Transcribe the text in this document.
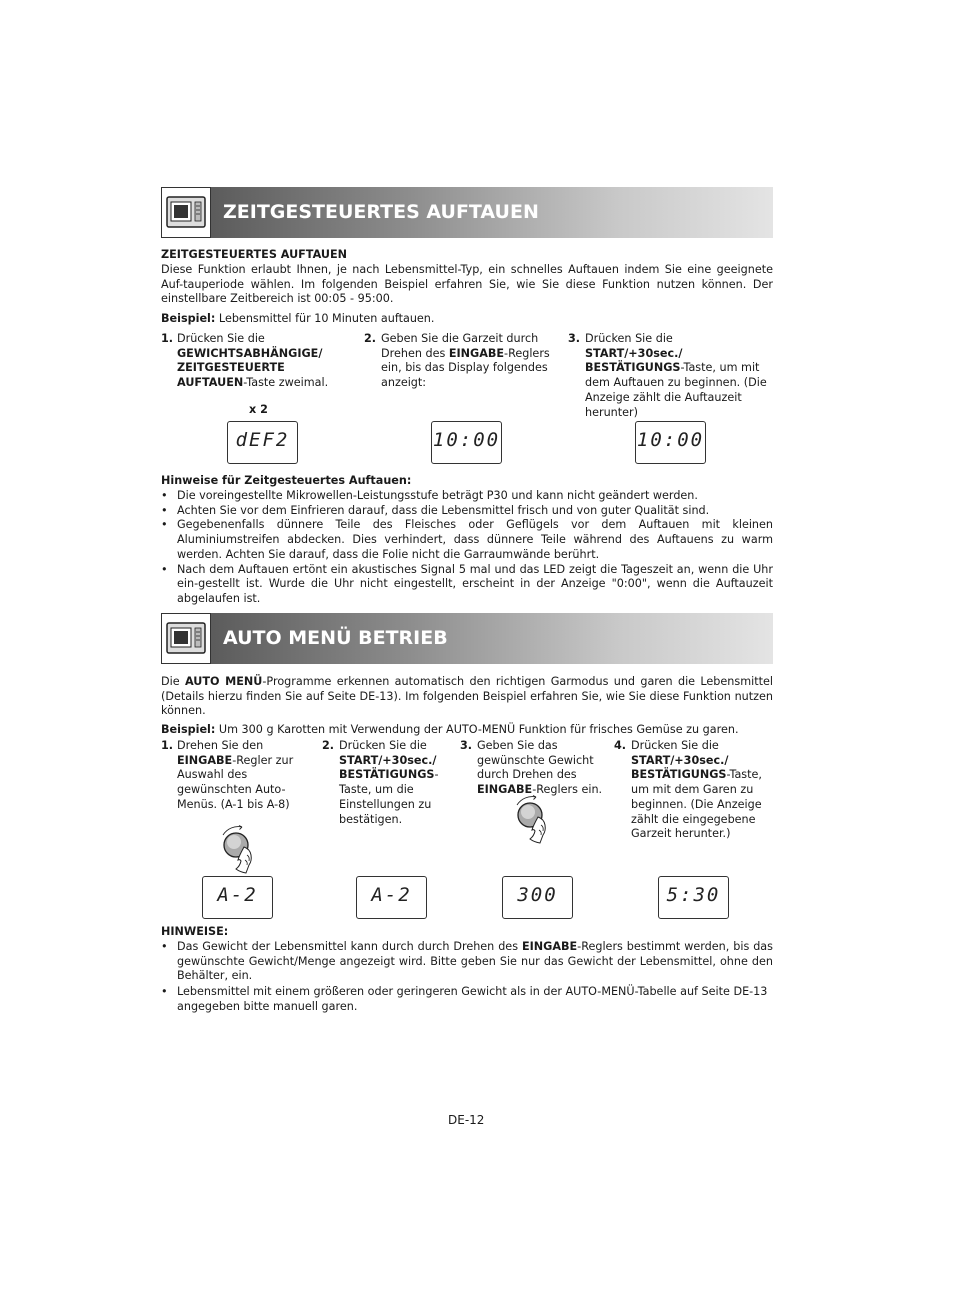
ZEITGESTEUERTES AUFTAUEN
ZEITGESTEUERTES AUFTAUEN

Diese Funktion erlaubt Ihnen, je nach Lebensmittel-Typ, ein schnelles Auftauen indem Sie eine geeignete Auf-tauperiode wählen. Im folgenden Beispiel erfahren Sie, wie Sie diese Funktion nutzen können. Der einstellbare Zeitbereich ist 00:05 - 95:00.

Beispiel: Lebensmittel für 10 Minuten auftauen.

1. Drücken Sie die GEWICHTSABHÄNGIGE/ ZEITGESTEUERTE AUFTAUEN-Taste zweimal.

2. Geben Sie die Garzeit durch Drehen des EINGABE-Reglers ein, bis das Display folgendes anzeigt:

3. Drücken Sie die START/+30sec./ BESTÄTIGUNGS-Taste, um mit dem Auftauen zu beginnen. (Die Anzeige zählt die Auftauzeit herunter)

x 2
dEF2	10:00	10:00
Hinweise für Zeitgesteuertes Auftauen:
• Die voreingestellte Mikrowellen-Leistungsstufe beträgt P30 und kann nicht geändert werden.
• Achten Sie vor dem Einfrieren darauf, dass die Lebensmittel frisch und von guter Qualität sind.
• Gegebenenfalls dünnere Teile des Fleisches oder Geflügels vor dem Auftauen mit kleinen Aluminiumstreifen abdecken. Dies verhindert, dass dünnere Teile während des Auftauens zu warm werden. Achten Sie darauf, dass die Folie nicht die Garraumwände berührt.
• Nach dem Auftauen ertönt ein akustisches Signal 5 mal und das LED zeigt die Tageszeit an, wenn die Uhr ein-gestellt ist. Wurde die Uhr nicht eingestellt, erscheint in der Anzeige "0:00", wenn die Auftauzeit abgelaufen ist.
AUTO MENÜ BETRIEB

Die AUTO MENÜ-Programme erkennen automatisch den richtigen Garmodus und garen die Lebensmittel (Details hierzu finden Sie auf Seite DE-13). Im folgenden Beispiel erfahren Sie, wie Sie diese Funktion nutzen können.

Beispiel: Um 300 g Karotten mit Verwendung der AUTO-MENÜ Funktion für frisches Gemüse zu garen.

1. Drehen Sie den EINGABE-Regler zur Auswahl des gewünschten Auto-Menüs. (A-1 bis A-8)

2. Drücken Sie die START/+30sec./ BESTÄTIGUNGS-Taste, um die Einstellungen zu bestätigen.

3. Geben Sie das gewünschte Gewicht durch Drehen des EINGABE-Reglers ein.

4. Drücken Sie die START/+30sec./ BESTÄTIGUNGS-Taste, um mit dem Garen zu beginnen. (Die Anzeige zählt die eingegebene Garzeit herunter.)

A-2	A-2	300	5:30
HINWEISE:
• Das Gewicht der Lebensmittel kann durch durch Drehen des EINGABE-Reglers bestimmt werden, bis das gewünschte Gewicht/Menge angezeigt wird. Bitte geben Sie nur das Gewicht der Lebensmittel, ohne den Behälter, ein.
• Lebensmittel mit einem größeren oder geringeren Gewicht als in der AUTO-MENÜ-Tabelle auf Seite DE-13 angegeben bitte manuell garen.
DE-12
